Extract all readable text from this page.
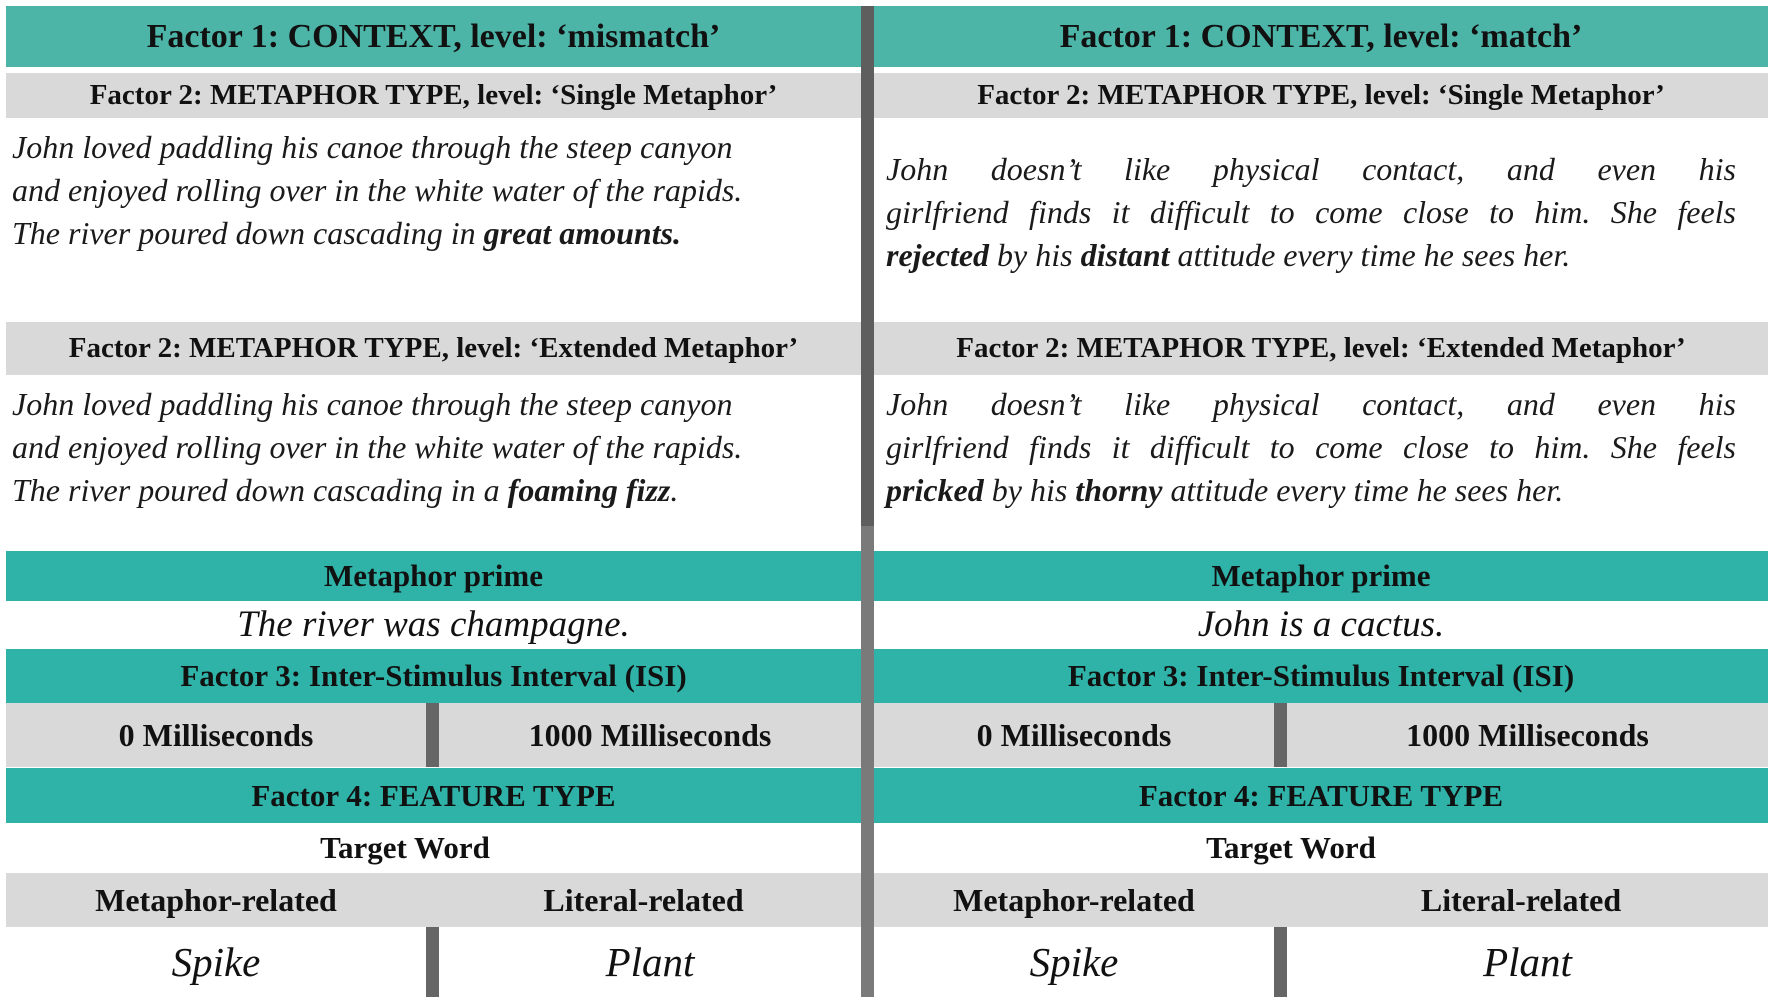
Factor 1: CONTEXT, level: ‘mismatch’
Factor 2: METAPHOR TYPE, level: ‘Single Metaphor’
John loved paddling his canoe through the steep canyon
and enjoyed rolling over in the white water of the rapids.
The river poured down cascading in great amounts.
Factor 2: METAPHOR TYPE, level: ‘Extended Metaphor’
John loved paddling his canoe through the steep canyon
and enjoyed rolling over in the white water of the rapids.
The river poured down cascading in a foaming fizz.
Metaphor prime
The river was champagne.
Factor 3: Inter-Stimulus Interval (ISI)
0 Milliseconds	1000 Milliseconds
Factor 4: FEATURE TYPE
Target Word
Metaphor-related	Literal-related
Spike	Plant
Factor 1: CONTEXT, level: ‘match’
Factor 2: METAPHOR TYPE, level: ‘Single Metaphor’
John doesn’t like physical contact, and even his
girlfriend finds it difficult to come close to him. She feels
rejected by his distant attitude every time he sees her.
Factor 2: METAPHOR TYPE, level: ‘Extended Metaphor’
John doesn’t like physical contact, and even his
girlfriend finds it difficult to come close to him. She feels
pricked by his thorny attitude every time he sees her.
Metaphor prime
John is a cactus.
Factor 3: Inter-Stimulus Interval (ISI)
0 Milliseconds	1000 Milliseconds
Factor 4: FEATURE TYPE
Target Word
Metaphor-related	Literal-related
Spike	Plant
